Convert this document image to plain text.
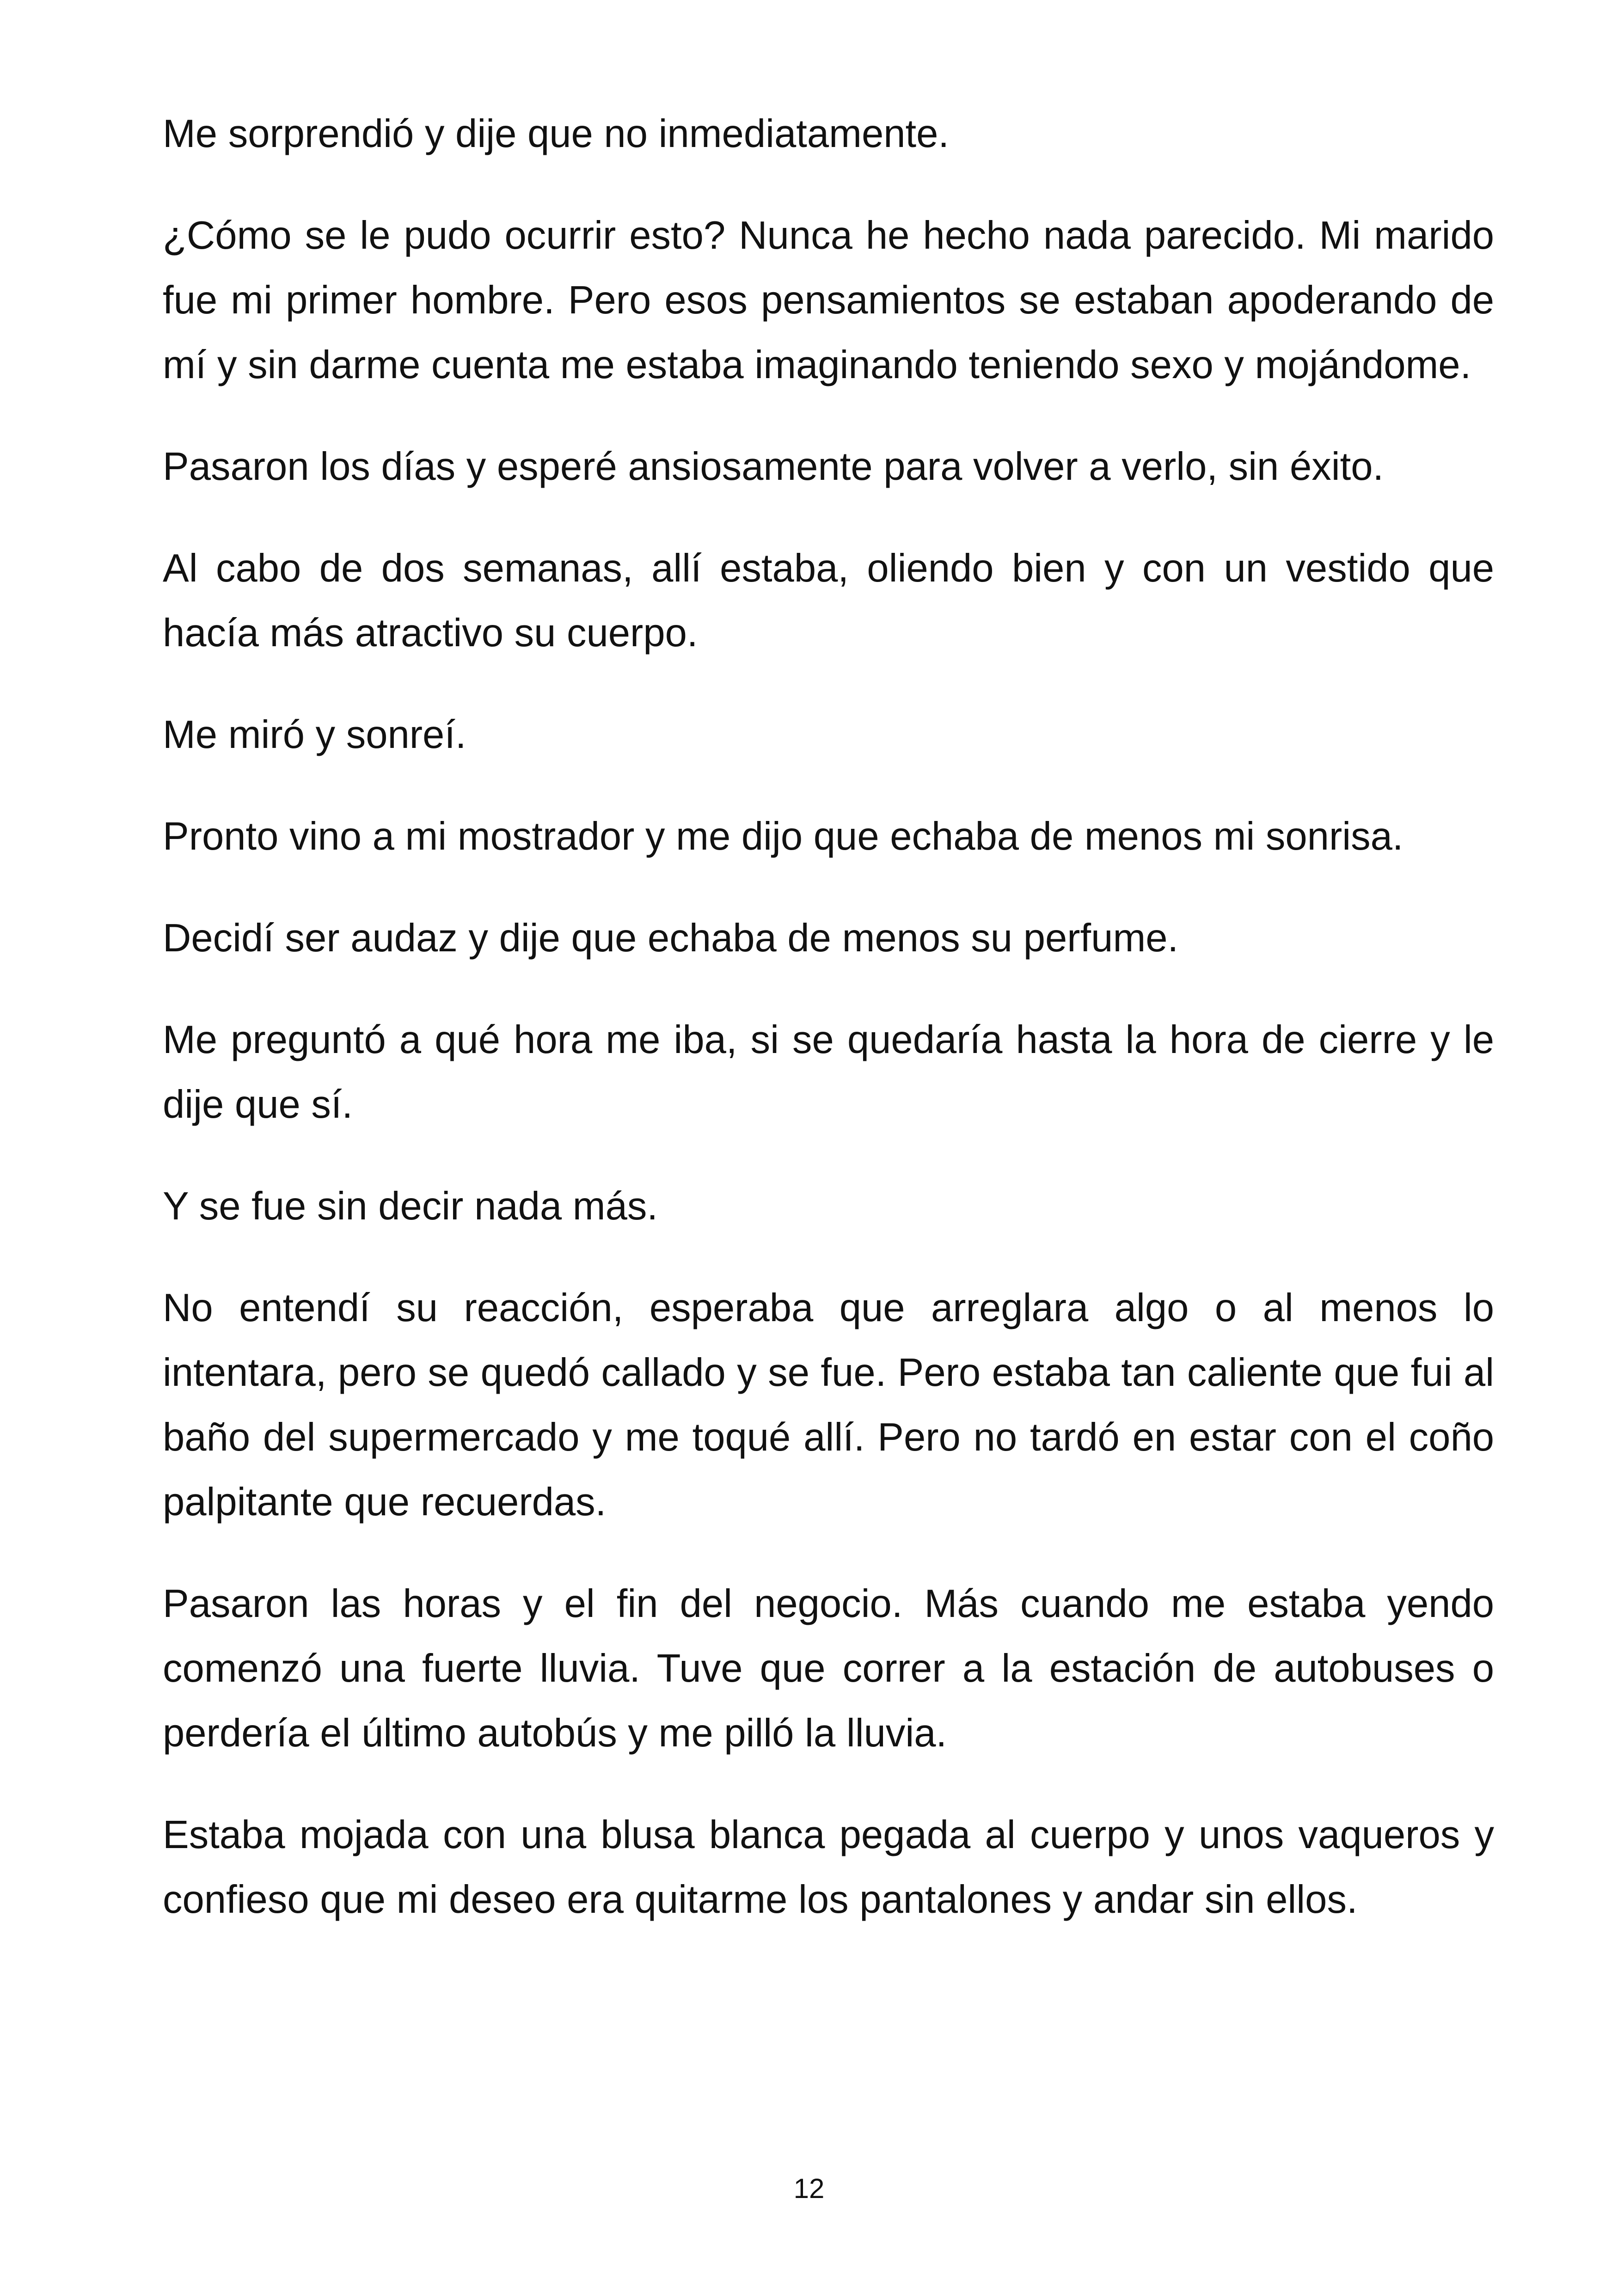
Me sorprendió y dije que no inmediatamente.

¿Cómo se le pudo ocurrir esto? Nunca he hecho nada parecido. Mi marido fue mi primer hombre. Pero esos pensamientos se estaban apoderando de mí y sin darme cuenta me estaba imaginando teniendo sexo y mojándome.

Pasaron los días y esperé ansiosamente para volver a verlo, sin éxito.

Al cabo de dos semanas, allí estaba, oliendo bien y con un vestido que hacía más atractivo su cuerpo.

Me miró y sonreí.

Pronto vino a mi mostrador y me dijo que echaba de menos mi sonrisa.

Decidí ser audaz y dije que echaba de menos su perfume.

Me preguntó a qué hora me iba, si se quedaría hasta la hora de cierre y le dije que sí.

Y se fue sin decir nada más.

No entendí su reacción, esperaba que arreglara algo o al menos lo intentara, pero se quedó callado y se fue. Pero estaba tan caliente que fui al baño del supermercado y me toqué allí. Pero no tardó en estar con el coño palpitante que recuerdas.

Pasaron las horas y el fin del negocio. Más cuando me estaba yendo comenzó una fuerte lluvia. Tuve que correr a la estación de autobuses o perdería el último autobús y me pilló la lluvia.

Estaba mojada con una blusa blanca pegada al cuerpo y unos vaqueros y confieso que mi deseo era quitarme los pantalones y andar sin ellos.

12
